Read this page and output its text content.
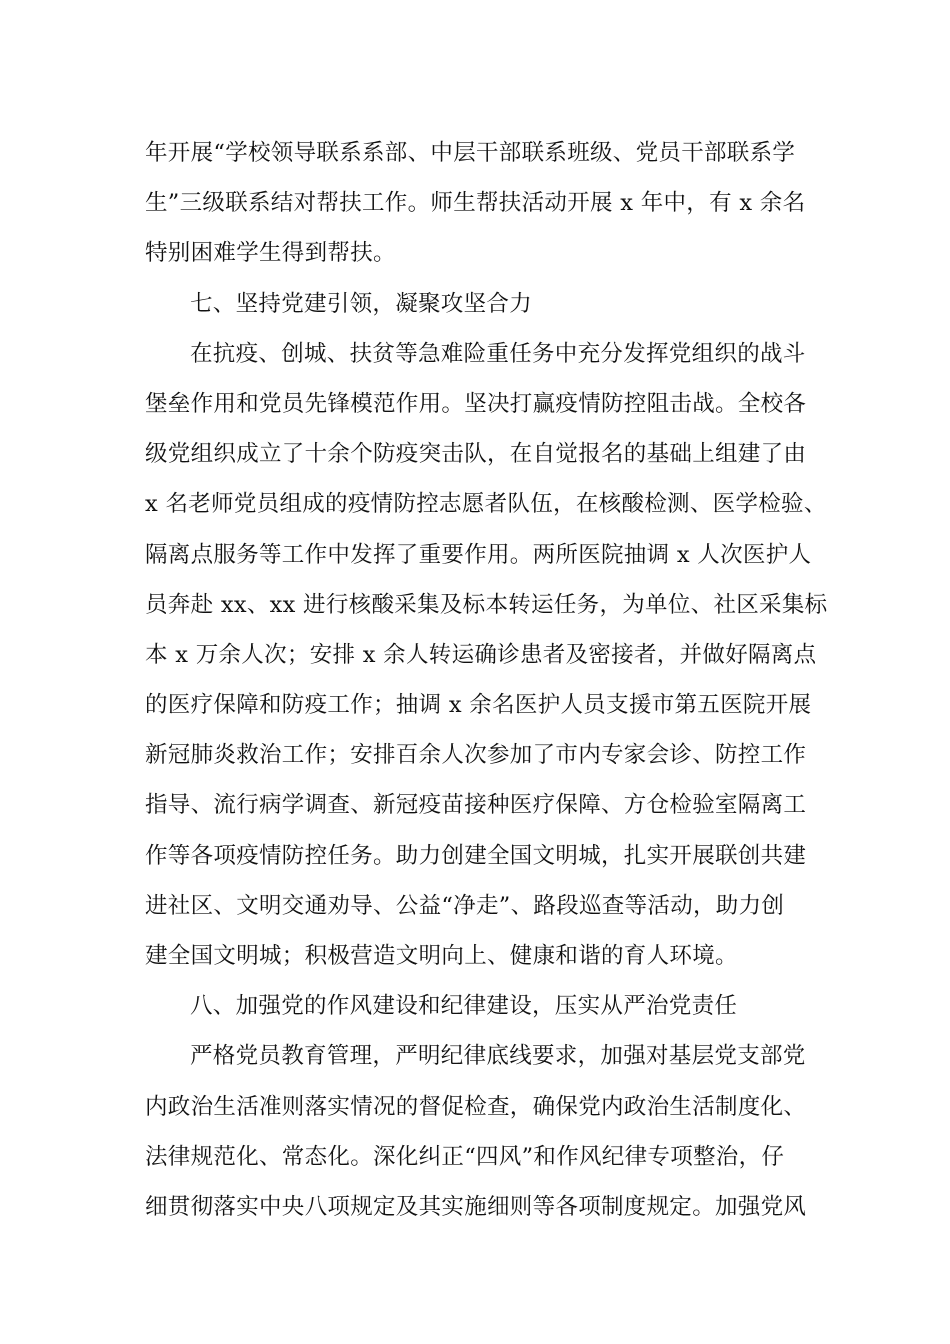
年开展“学校领导联系系部、中层干部联系班级、党员干部联系学
生”三级联系结对帮扶工作。师生帮扶活动开展 x 年中，有 x 余名
特别困难学生得到帮扶。
七、坚持党建引领，凝聚攻坚合力
在抗疫、创城、扶贫等急难险重任务中充分发挥党组织的战斗
堡垒作用和党员先锋模范作用。坚决打赢疫情防控阻击战。全校各
级党组织成立了十余个防疫突击队，在自觉报名的基础上组建了由
x 名老师党员组成的疫情防控志愿者队伍，在核酸检测、医学检验、
隔离点服务等工作中发挥了重要作用。两所医院抽调 x 人次医护人
员奔赴 xx、xx 进行核酸采集及标本转运任务，为单位、社区采集标
本 x 万余人次；安排 x 余人转运确诊患者及密接者，并做好隔离点
的医疗保障和防疫工作；抽调 x 余名医护人员支援市第五医院开展
新冠肺炎救治工作；安排百余人次参加了市内专家会诊、防控工作
指导、流行病学调查、新冠疫苗接种医疗保障、方仓检验室隔离工
作等各项疫情防控任务。助力创建全国文明城，扎实开展联创共建
进社区、文明交通劝导、公益“净走”、路段巡查等活动，助力创
建全国文明城；积极营造文明向上、健康和谐的育人环境。
八、加强党的作风建设和纪律建设，压实从严治党责任
严格党员教育管理，严明纪律底线要求，加强对基层党支部党
内政治生活准则落实情况的督促检查，确保党内政治生活制度化、
法律规范化、常态化。深化纠正“四风”和作风纪律专项整治，仔
细贯彻落实中央八项规定及其实施细则等各项制度规定。加强党风
